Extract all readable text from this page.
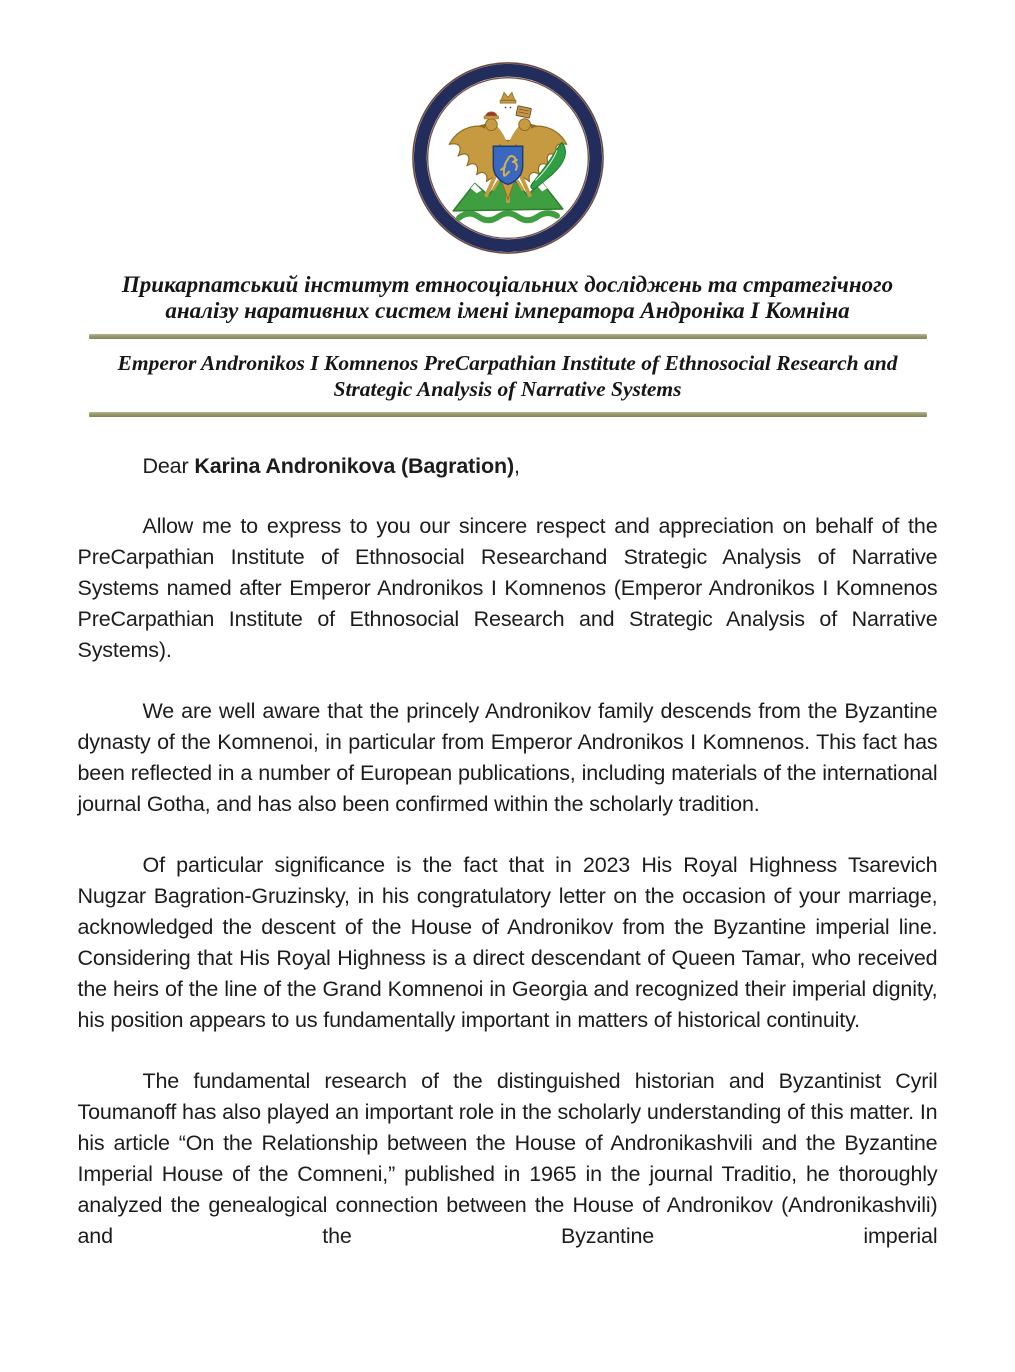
Прикарпатський інститут етносоціальних досліджень та стратегічного
аналізу наративних систем імені імператора Андроніка І Комніна
Emperor Andronikos I Komnenos PreCarpathian Institute of Ethnosocial Research and
Strategic Analysis of Narrative Systems

Dear Karina Andronikova (Bagration),

Allow me to express to you our sincere respect and appreciation on behalf of the PreCarpathian Institute of Ethnosocial Researchand Strategic Analysis of Narrative Systems named after Emperor Andronikos I Komnenos (Emperor Andronikos I Komnenos PreCarpathian Institute of Ethnosocial Research and Strategic Analysis of Narrative Systems).

We are well aware that the princely Andronikov family descends from the Byzantine dynasty of the Komnenoi, in particular from Emperor Andronikos I Komnenos. This fact has been reflected in a number of European publications, including materials of the international journal Gotha, and has also been confirmed within the scholarly tradition.

Of particular significance is the fact that in 2023 His Royal Highness Tsarevich Nugzar Bagration-Gruzinsky, in his congratulatory letter on the occasion of your marriage, acknowledged the descent of the House of Andronikov from the Byzantine imperial line. Considering that His Royal Highness is a direct descendant of Queen Tamar, who received the heirs of the line of the Grand Komnenoi in Georgia and recognized their imperial dignity, his position appears to us fundamentally important in matters of historical continuity.

The fundamental research of the distinguished historian and Byzantinist Cyril Toumanoff has also played an important role in the scholarly understanding of this matter. In his article “On the Relationship between the House of Andronikashvili and the Byzantine Imperial House of the Comneni,” published in 1965 in the journal Traditio, he thoroughly analyzed the genealogical connection between the House of Andronikov (Andronikashvili) and the Byzantine imperial
